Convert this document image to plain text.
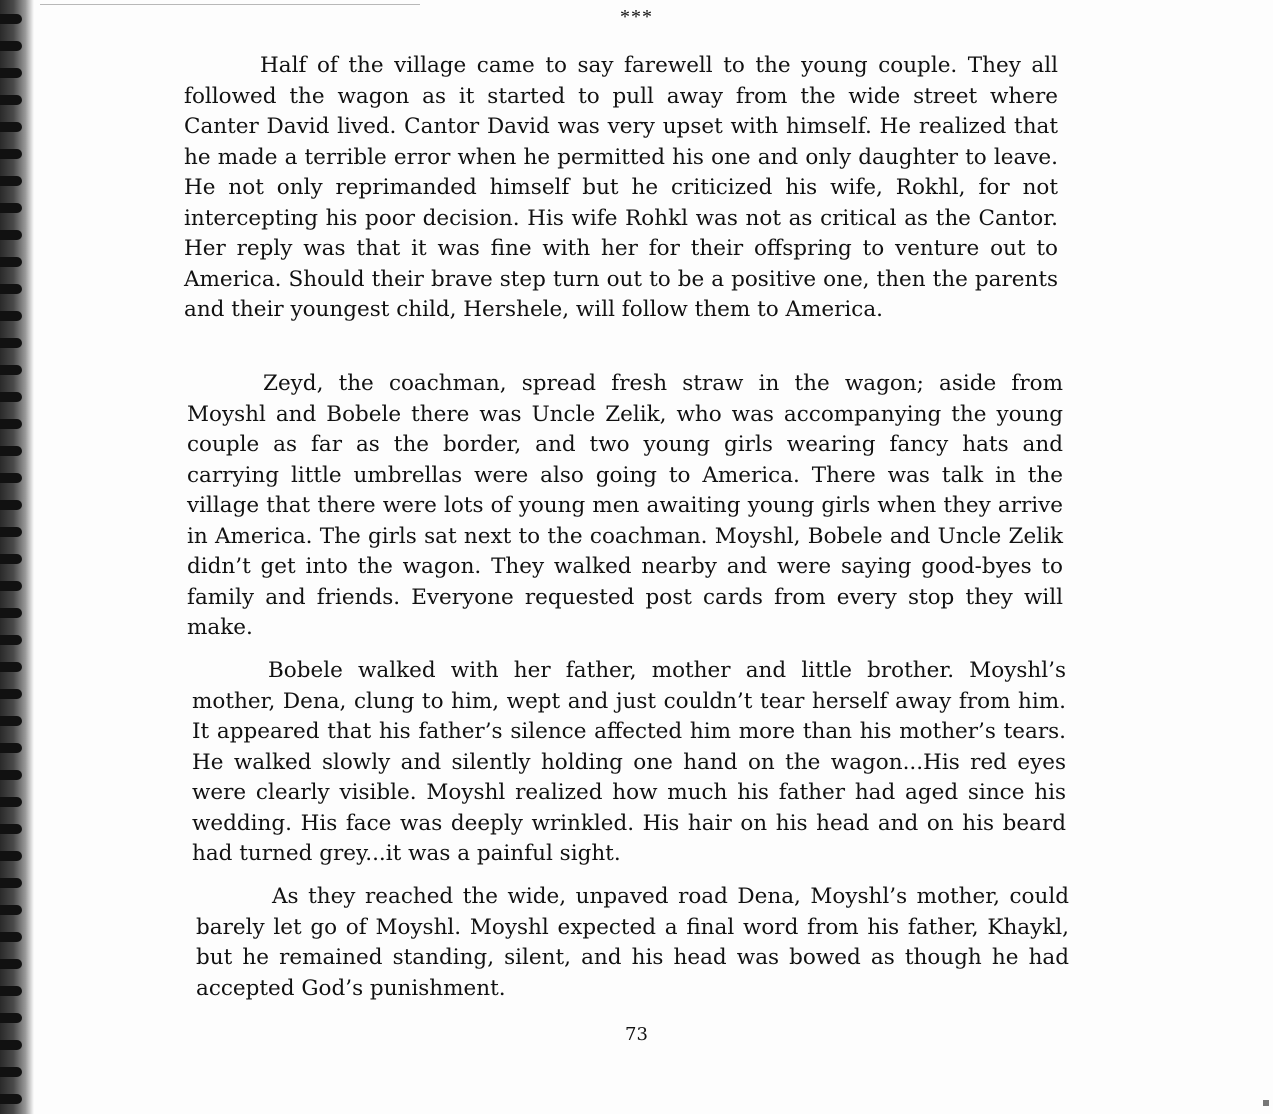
***

Half of the village came to say farewell to the young couple. They all followed the wagon as it started to pull away from the wide street where Canter David lived. Cantor David was very upset with himself. He realized that he made a terrible error when he permitted his one and only daughter to leave. He not only reprimanded himself but he criticized his wife, Rokhl, for not intercepting his poor decision. His wife Rohkl was not as critical as the Cantor. Her reply was that it was fine with her for their offspring to venture out to America. Should their brave step turn out to be a positive one, then the parents and their youngest child, Hershele, will follow them to America.

Zeyd, the coachman, spread fresh straw in the wagon; aside from Moyshl and Bobele there was Uncle Zelik, who was accompanying the young couple as far as the border, and two young girls wearing fancy hats and carrying little umbrellas were also going to America. There was talk in the village that there were lots of young men awaiting young girls when they arrive in America. The girls sat next to the coachman. Moyshl, Bobele and Uncle Zelik didn’t get into the wagon. They walked nearby and were saying good-byes to family and friends. Everyone requested post cards from every stop they will make.

Bobele walked with her father, mother and little brother. Moyshl’s mother, Dena, clung to him, wept and just couldn’t tear herself away from him. It appeared that his father’s silence affected him more than his mother’s tears. He walked slowly and silently holding one hand on the wagon...His red eyes were clearly visible. Moyshl realized how much his father had aged since his wedding. His face was deeply wrinkled. His hair on his head and on his beard had turned grey...it was a painful sight.

As they reached the wide, unpaved road Dena, Moyshl’s mother, could barely let go of Moyshl. Moyshl expected a final word from his father, Khaykl, but he remained standing, silent, and his head was bowed as though he had accepted God’s punishment.

73
